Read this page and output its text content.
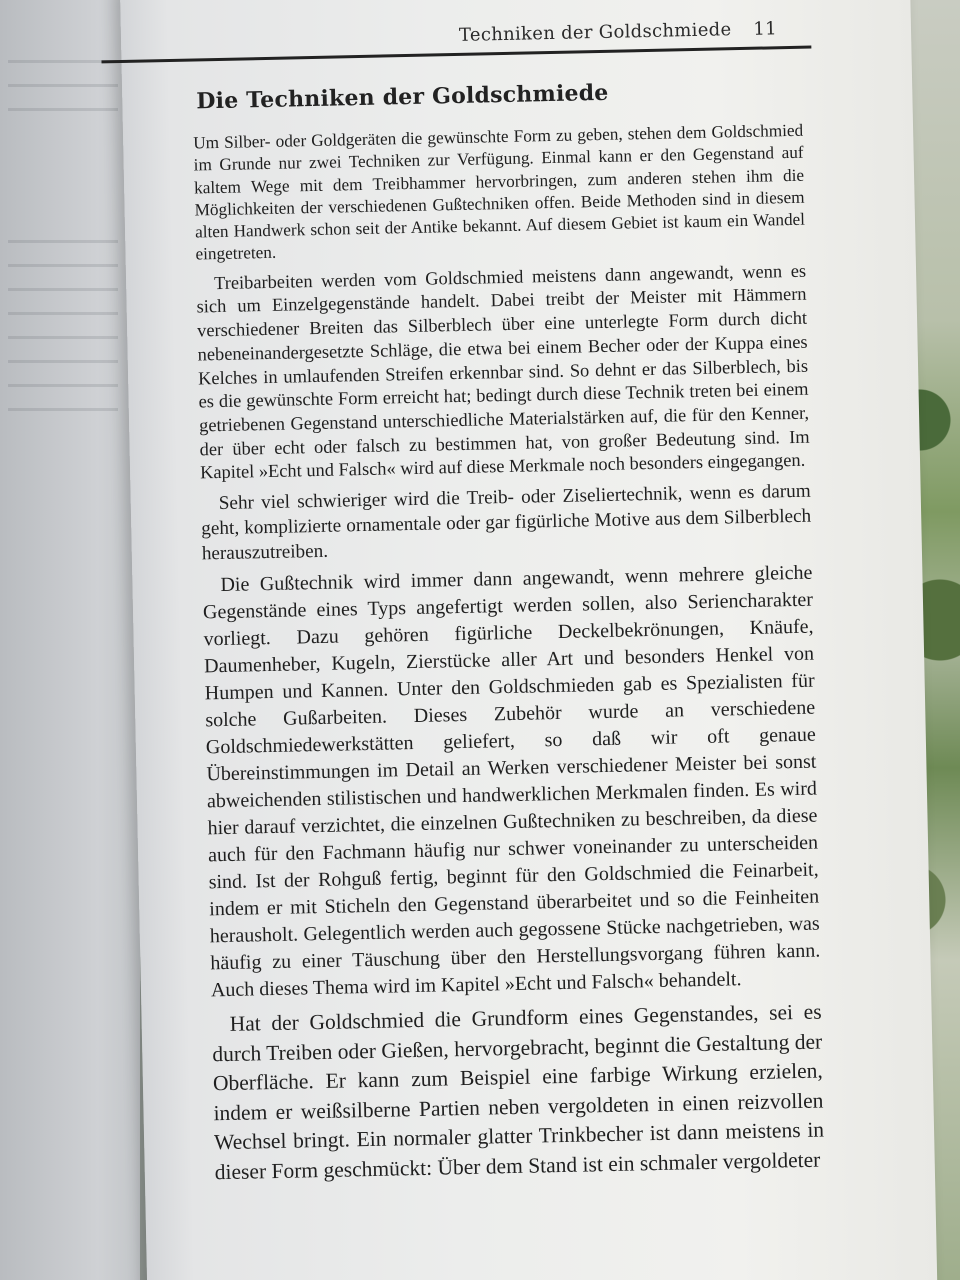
Techniken der Goldschmiede 11
Die Techniken der Goldschmiede

Um Silber- oder Goldgeräten die gewünschte Form zu geben, stehen dem Goldschmied im Grunde nur zwei Techniken zur Verfügung. Einmal kann er den Gegenstand auf kaltem Wege mit dem Treibhammer hervorbringen, zum anderen stehen ihm die Möglichkeiten der verschiedenen Gußtechniken offen. Beide Methoden sind in diesem alten Handwerk schon seit der Antike bekannt. Auf diesem Gebiet ist kaum ein Wandel eingetreten.

Treibarbeiten werden vom Goldschmied meistens dann angewandt, wenn es sich um Einzelgegenstände handelt. Dabei treibt der Meister mit Hämmern verschiedener Breiten das Silberblech über eine unterlegte Form durch dicht nebeneinandergesetzte Schläge, die etwa bei einem Becher oder der Kuppa eines Kelches in umlaufenden Streifen erkennbar sind. So dehnt er das Silberblech, bis es die gewünschte Form erreicht hat; bedingt durch diese Technik treten bei einem getriebenen Gegenstand unterschiedliche Materialstärken auf, die für den Kenner, der über echt oder falsch zu bestimmen hat, von großer Bedeutung sind. Im Kapitel »Echt und Falsch« wird auf diese Merkmale noch besonders eingegangen.

Sehr viel schwieriger wird die Treib- oder Ziseliertechnik, wenn es darum geht, komplizierte ornamentale oder gar figürliche Motive aus dem Silberblech herauszutreiben.

Die Gußtechnik wird immer dann angewandt, wenn mehrere gleiche Gegenstände eines Typs angefertigt werden sollen, also Seriencharakter vorliegt. Dazu gehören figürliche Deckelbekrönungen, Knäufe, Daumenheber, Kugeln, Zierstücke aller Art und besonders Henkel von Humpen und Kannen. Unter den Goldschmieden gab es Spezialisten für solche Gußarbeiten. Dieses Zubehör wurde an verschiedene Goldschmiedewerkstätten geliefert, so daß wir oft genaue Übereinstimmungen im Detail an Werken verschiedener Meister bei sonst abweichenden stilistischen und handwerklichen Merkmalen finden. Es wird hier darauf verzichtet, die einzelnen Gußtechniken zu beschreiben, da diese auch für den Fachmann häufig nur schwer voneinander zu unterscheiden sind. Ist der Rohguß fertig, beginnt für den Goldschmied die Feinarbeit, indem er mit Sticheln den Gegenstand überarbeitet und so die Feinheiten herausholt. Gelegentlich werden auch gegossene Stücke nachgetrieben, was häufig zu einer Täuschung über den Herstellungsvorgang führen kann. Auch dieses Thema wird im Kapitel »Echt und Falsch« behandelt.

Hat der Goldschmied die Grundform eines Gegenstandes, sei es durch Treiben oder Gießen, hervorgebracht, beginnt die Gestaltung der Oberfläche. Er kann zum Beispiel eine farbige Wirkung erzielen, indem er weißsilberne Partien neben vergoldeten in einen reizvollen Wechsel bringt. Ein normaler glatter Trinkbecher ist dann meistens in dieser Form geschmückt: Über dem Stand ist ein schmaler vergoldeter
